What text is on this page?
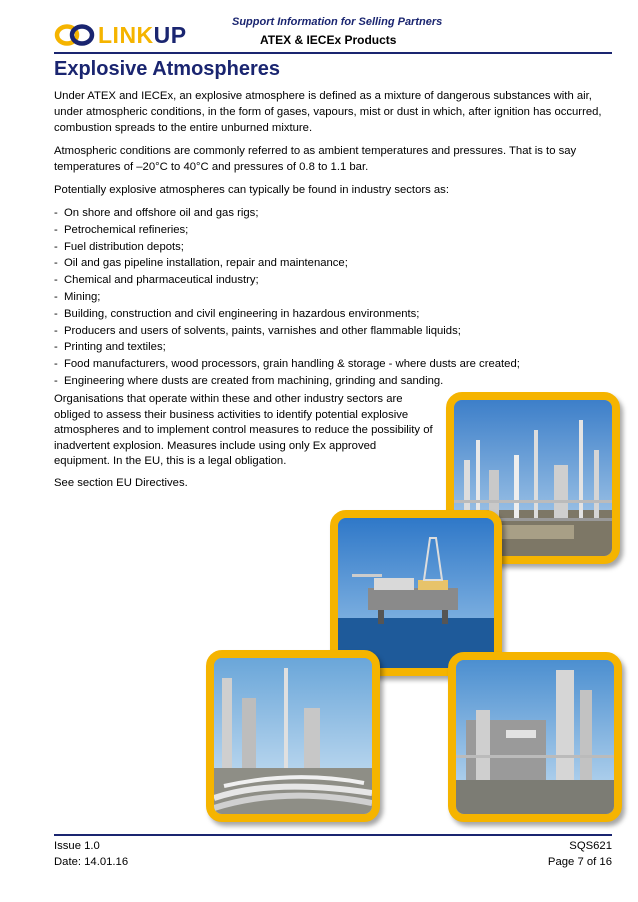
LINKUP	Support Information for Selling Partners
ATEX & IECEx Products
Explosive Atmospheres

Under ATEX and IECEx, an explosive atmosphere is defined as a mixture of dangerous substances with air, under atmospheric conditions, in the form of gases, vapours, mist or dust in which, after ignition has occurred, combustion spreads to the entire unburned mixture.

Atmospheric conditions are commonly referred to as ambient temperatures and pressures. That is to say temperatures of –20°C to 40°C and pressures of 0.8 to 1.1 bar.

Potentially explosive atmospheres can typically be found in industry sectors as:

- On shore and offshore oil and gas rigs;
- Petrochemical refineries;
- Fuel distribution depots;
- Oil and gas pipeline installation, repair and maintenance;
- Chemical and pharmaceutical industry;
- Mining;
- Building, construction and civil engineering in hazardous environments;
- Producers and users of solvents, paints, varnishes and other flammable liquids;
- Printing and textiles;
- Food manufacturers, wood processors, grain handling & storage - where dusts are created;
- Engineering where dusts are created from machining, grinding and sanding.

Organisations that operate within these and other industry sectors are obliged to assess their business activities to identify potential explosive atmospheres and to implement control measures to reduce the possibility of inadvertent explosion. Measures include using only Ex approved equipment. In the EU, this is a legal obligation.

See section EU Directives.

Issue 1.0
Date: 14.01.16
SQS621
Page 7 of 16
